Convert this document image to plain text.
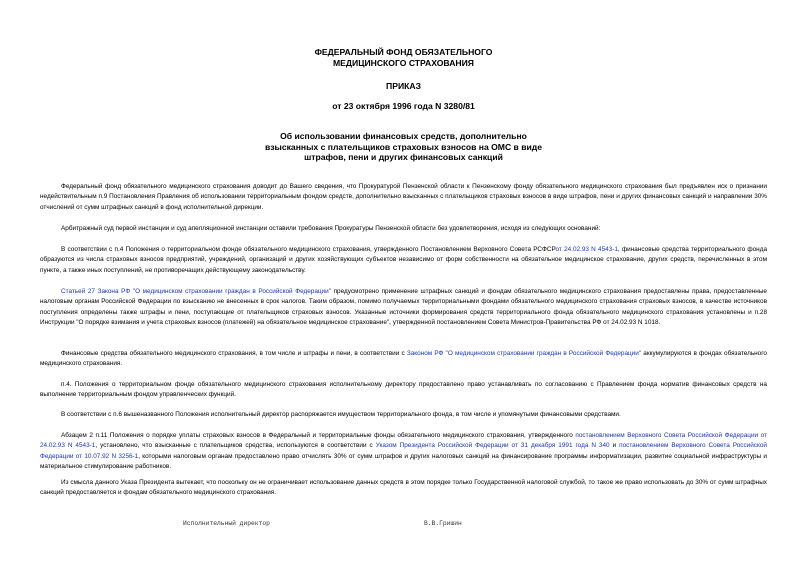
ФЕДЕРАЛЬНЫЙ ФОНД ОБЯЗАТЕЛЬНОГО
МЕДИЦИНСКОГО СТРАХОВАНИЯ
ПРИКАЗ
от 23 октября 1996 года N 3280/81
Об использовании финансовых средств, дополнительно
взысканных с плательщиков страховых взносов на ОМС в виде
штрафов, пени и других финансовых санкций

Федеральный фонд обязательного медицинского страхования доводит до Вашего сведения, что Прокуратурой Пензенской области к Пензенскому фонду обязательного медицинского страхования был предъявлен иск о признании недействительным п.9 Постановления Правления об использовании территориальным фондом средств, дополнительно взысканных с плательщиков страховых взносов в виде штрафов, пени и других финансовых санкций и направлении 30% отчислений от сумм штрафных санкций в фонд исполнительной дирекции.

Арбитражный суд первой инстанции и суд апелляционной инстанции оставили требования Прокуратуры Пензенской области без удовлетворения, исходя из следующих оснований:

В соответствии с п.4 Положения о территориальном фонде обязательного медицинского страхования, утвержденного Постановлением Верховного Совета РСФСРот 24.02.93 N 4543-1, финансовые средства территориального фонда образуются из числа страховых взносов предприятий, учреждений, организаций и других хозяйствующих субъектов независимо от форм собственности на обязательное медицинское страхование, других средств, перечисленных в этом пункте, а также иных поступлений, не противоречащих действующему законодательству.

Статьей 27 Закона РФ "О медицинском страховании граждан в Российской Федерации" предусмотрено применение штрафных санкций и фондам обязательного медицинского страхования предоставлены права, предоставленные налоговым органам Российской Федерации по взысканию не внесенных в срок налогов. Таким образом, помимо получаемых территориальными фондами обязательного медицинского страхования страховых взносов, в качестве источников поступления определены также штрафы и пени, поступающие от плательщиков страховых взносов. Указанные источники формирования средств территориального фонда обязательного медицинского страхования установлены и п.28 Инструкции "О порядке взимания и учета страховых взносов (платежей) на обязательное медицинское страхование", утвержденной постановлением Совета Министров-Правительства РФ от 24.02.93 N 1018.

Финансовые средства обязательного медицинского страхования, в том числе и штрафы и пени, в соответствии с Законом РФ "О медицинском страховании граждан в Российской Федерации" аккумулируются в фондах обязательного медицинского страхования.

п.4. Положения о территориальном фонде обязательного медицинского страхования исполнительному директору предоставлено право устанавливать по согласованию с Правлением фонда норматив финансовых средств на выполнение территориальным фондом управленческих функций.

В соответствии с п.6 вышеназванного Положения исполнительный директор распоряжается имуществом территориального фонда, в том числе и упомянутыми финансовыми средствами.

Абзацем 2 п.11 Положения о порядке уплаты страховых взносов в Федеральный и территориальные фонды обязательного медицинского страхования, утвержденного постановлением Верховного Совета Российской Федерации от 24.02.93 N 4543-1, установлено, что взысканные с плательщиков средства, используются в соответствии с Указом Президента Российской Федерации от 31 декабря 1991 года N 340 и постановлением Верховного Совета Российской Федерации от 10.07.92 N 3256-1, которыми налоговым органам предоставлено право отчислять 30% от сумм штрафов и других налоговых санкций на финансирование программы информатизации, развитие социальной инфраструктуры и материальное стимулирование работников.

Из смысла данного Указа Президента вытекает, что поскольку он не ограничивает использование данных средств в этом порядке только Государственной налоговой службой, то такое же право использовать до 30% от сумм штрафных санкций предоставляется и фондам обязательного медицинского страхования.

Исполнительный директор	В.В.Гришин
